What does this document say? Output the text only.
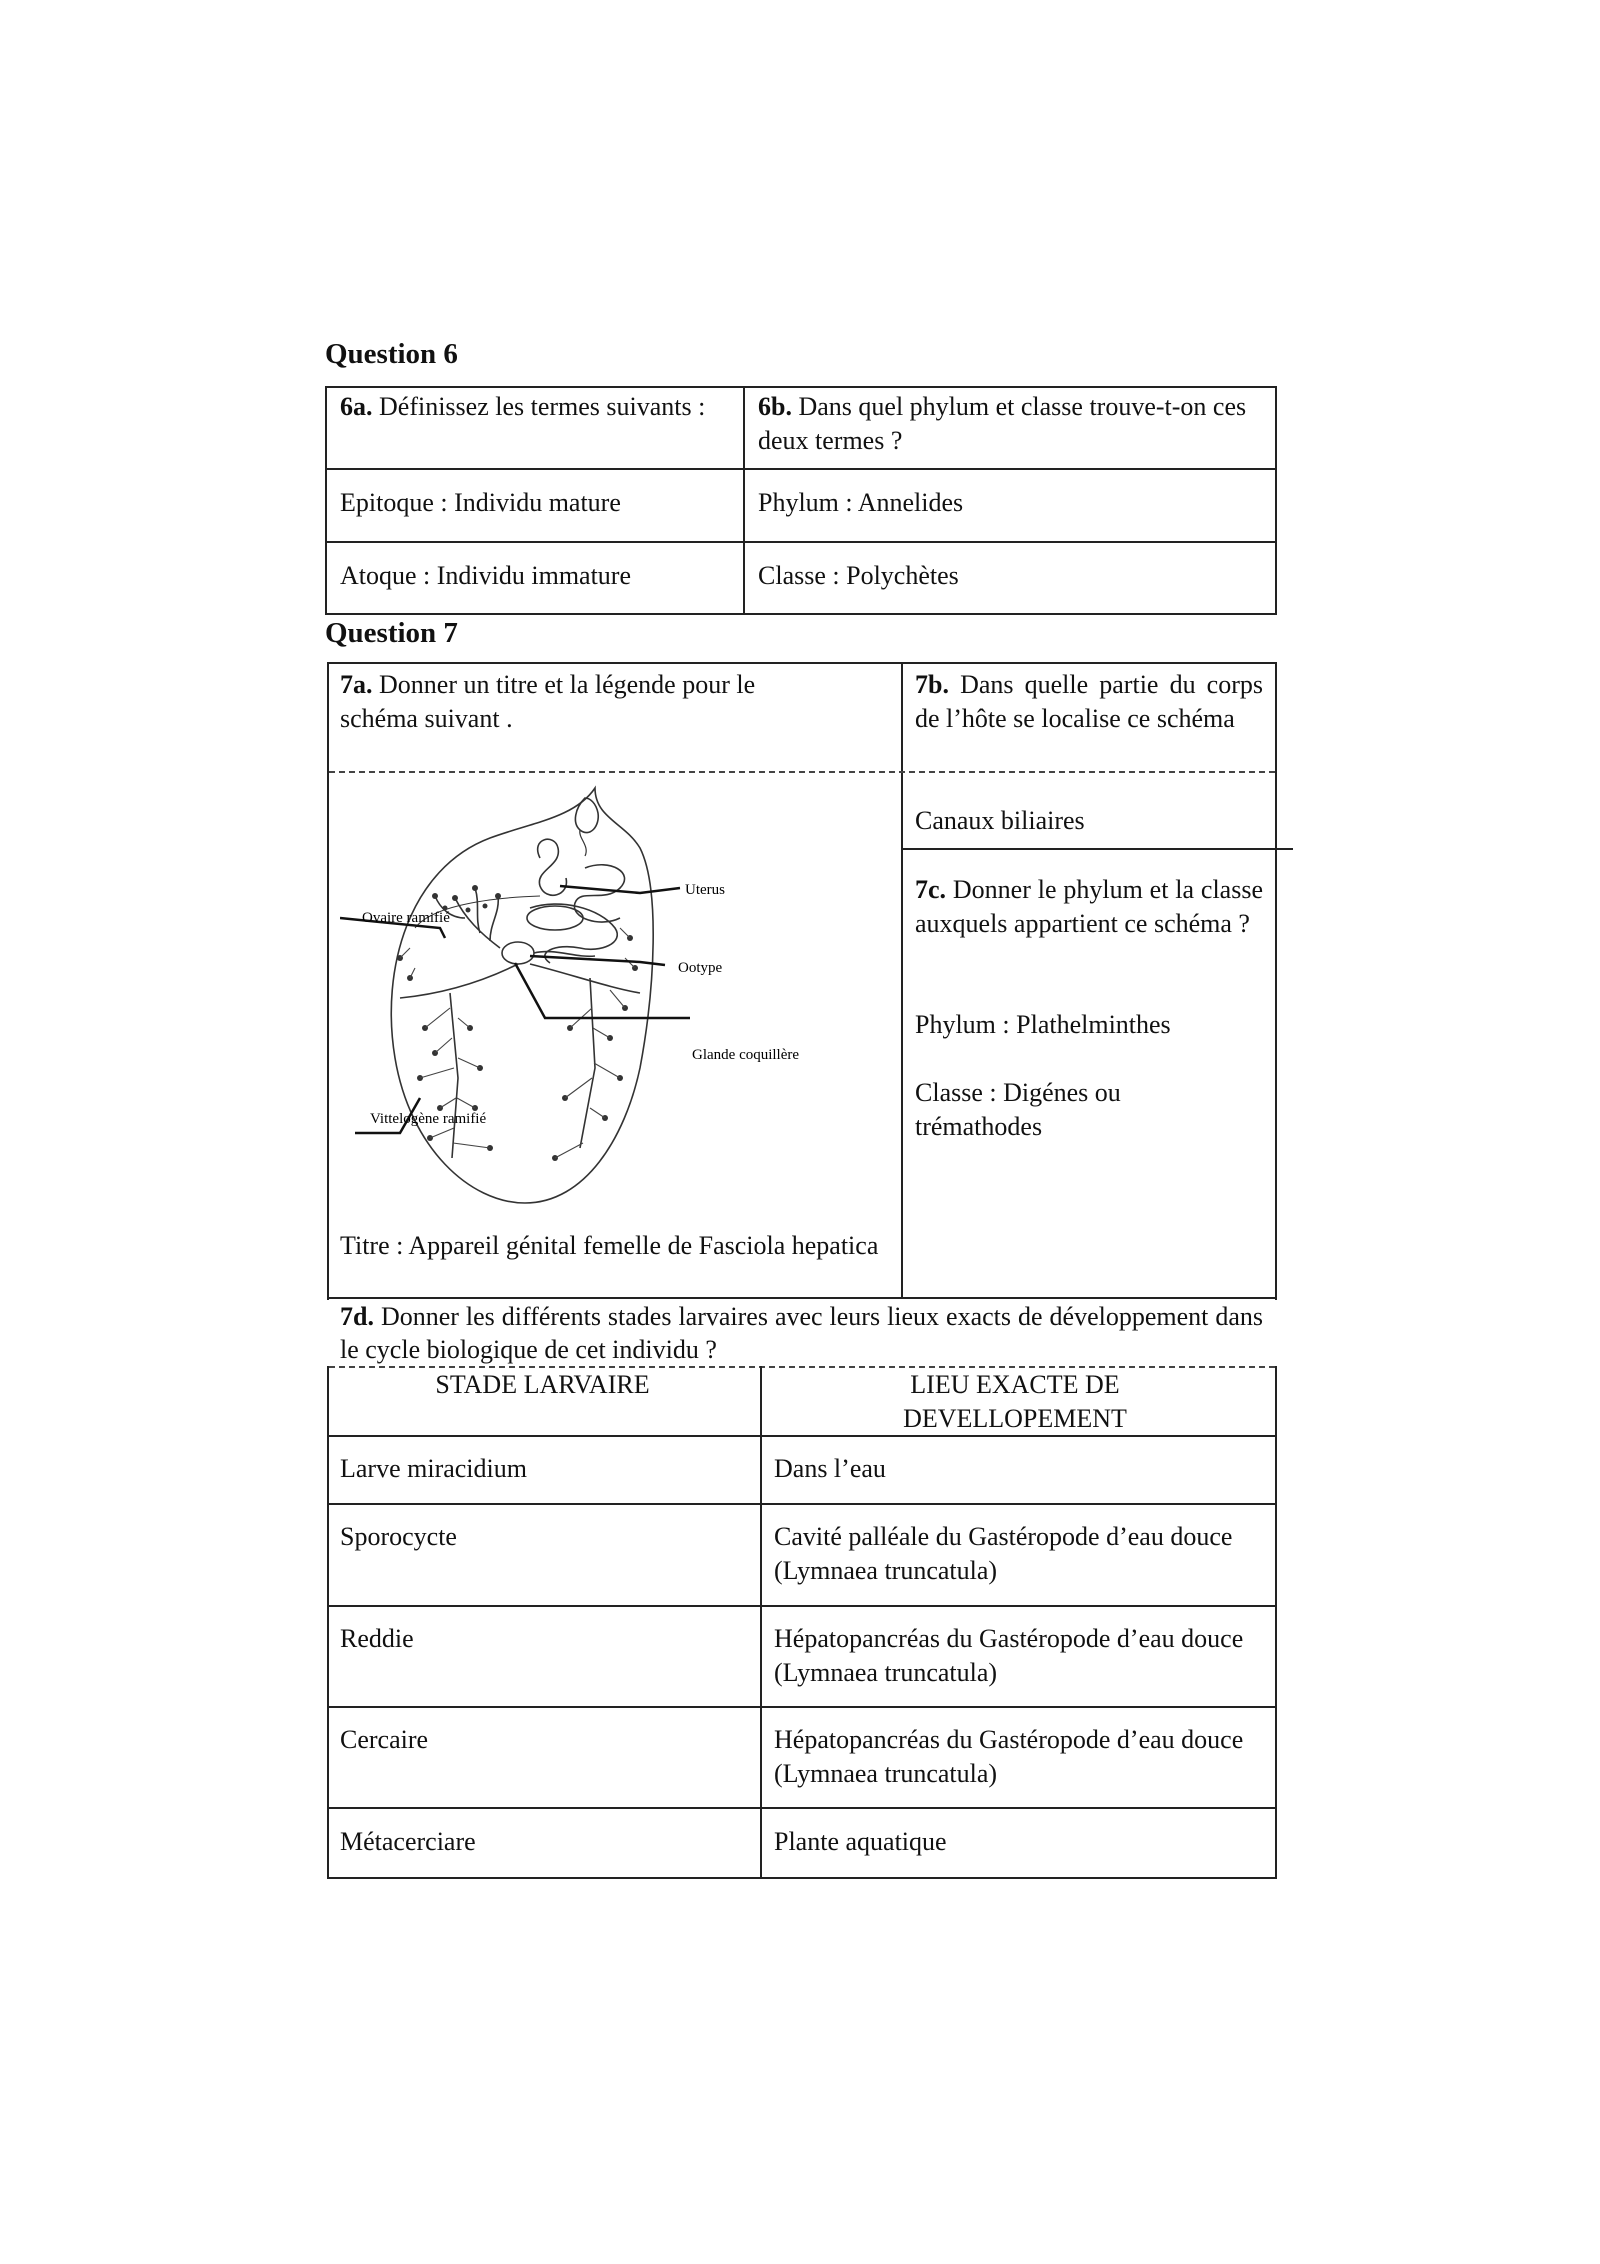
Question 6
6a. Définissez les termes suivants :	6b. Dans quel phylum et classe trouve-t-on ces deux termes ?
Epitoque : Individu mature	Phylum : Annelides
Atoque : Individu immature	Classe : Polychètes
Question 7
7a. Donner un titre et la légende pour le schéma suivant .
7b. Dans quelle partie du corps de l’hôte se localise ce schéma
Canaux biliaires
7c. Donner le phylum et la classe auxquels appartient ce schéma ?
Phylum : Plathelminthes
Classe : Digénes ou trémathodes
Titre : Appareil génital femelle de Fasciola hepatica
Ovaire ramifié
Uterus
Ootype
Glande coquillère
Vittelogène ramifié
7d. Donner les différents stades larvaires avec leurs lieux exacts de développement dans le cycle biologique de cet individu ?
STADE LARVAIRE	LIEU EXACTE DE DEVELLOPEMENT
Larve miracidium	Dans l’eau
Sporocycte	Cavité palléale du Gastéropode d’eau douce (Lymnaea truncatula)
Reddie	Hépatopancréas du Gastéropode d’eau douce (Lymnaea truncatula)
Cercaire	Hépatopancréas du Gastéropode d’eau douce (Lymnaea truncatula)
Métacerciare	Plante aquatique
